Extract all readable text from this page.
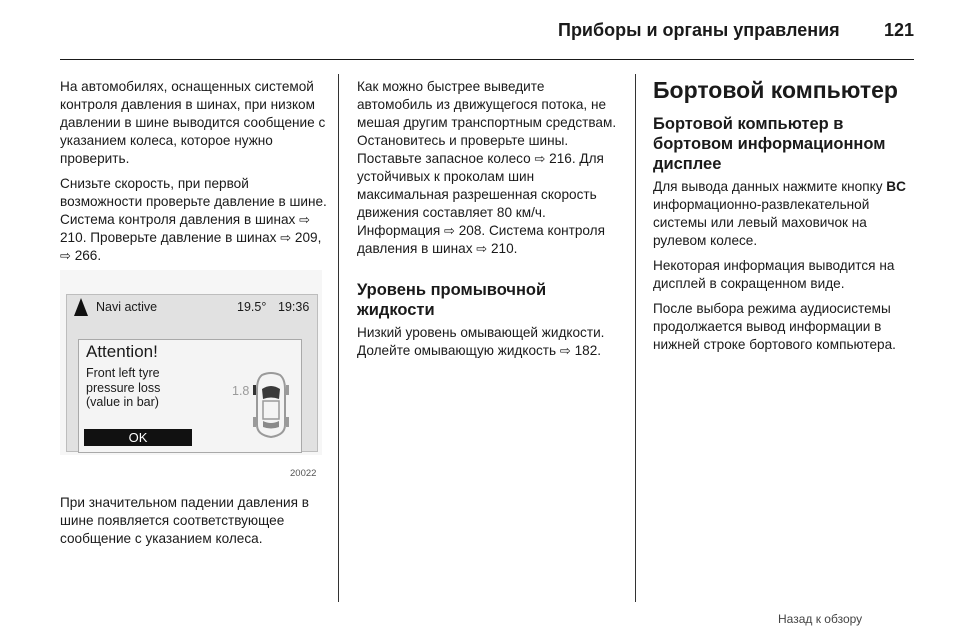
Приборы и органы управления 121

На автомобилях, оснащенных системой контроля давления в шинах, при низком давлении в шине выводится сообщение с указанием колеса, которое нужно проверить.

Снизьте скорость, при первой возможности проверьте давление в шине. Система контроля давления в шинах ⇨ 210. Проверьте давление в шинах ⇨ 209, ⇨ 266.

Navi active	19.5° 19:36
Attention!
Front left tyre pressure loss (value in bar)
OK
1.8
20022

При значительном падении давления в шине появляется соответствующее сообщение с указанием колеса.

Как можно быстрее выведите автомобиль из движущегося потока, не мешая другим транспортным средствам. Остановитесь и проверьте шины. Поставьте запасное колесо ⇨ 216. Для устойчивых к проколам шин максимальная разрешенная скорость движения составляет 80 км/ч. Информация ⇨ 208. Система контроля давления в шинах ⇨ 210.

Уровень промывочной жидкости

Низкий уровень омывающей жидкости. Долейте омывающую жидкость ⇨ 182.

Бортовой компьютер
Бортовой компьютер в бортовом информационном дисплее

Для вывода данных нажмите кнопку BC информационно-развлекательной системы или левый маховичок на рулевом колесе.

Некоторая информация выводится на дисплей в сокращенном виде.

После выбора режима аудиосистемы продолжается вывод информации в нижней строке бортового компьютера.

Назад к обзору
